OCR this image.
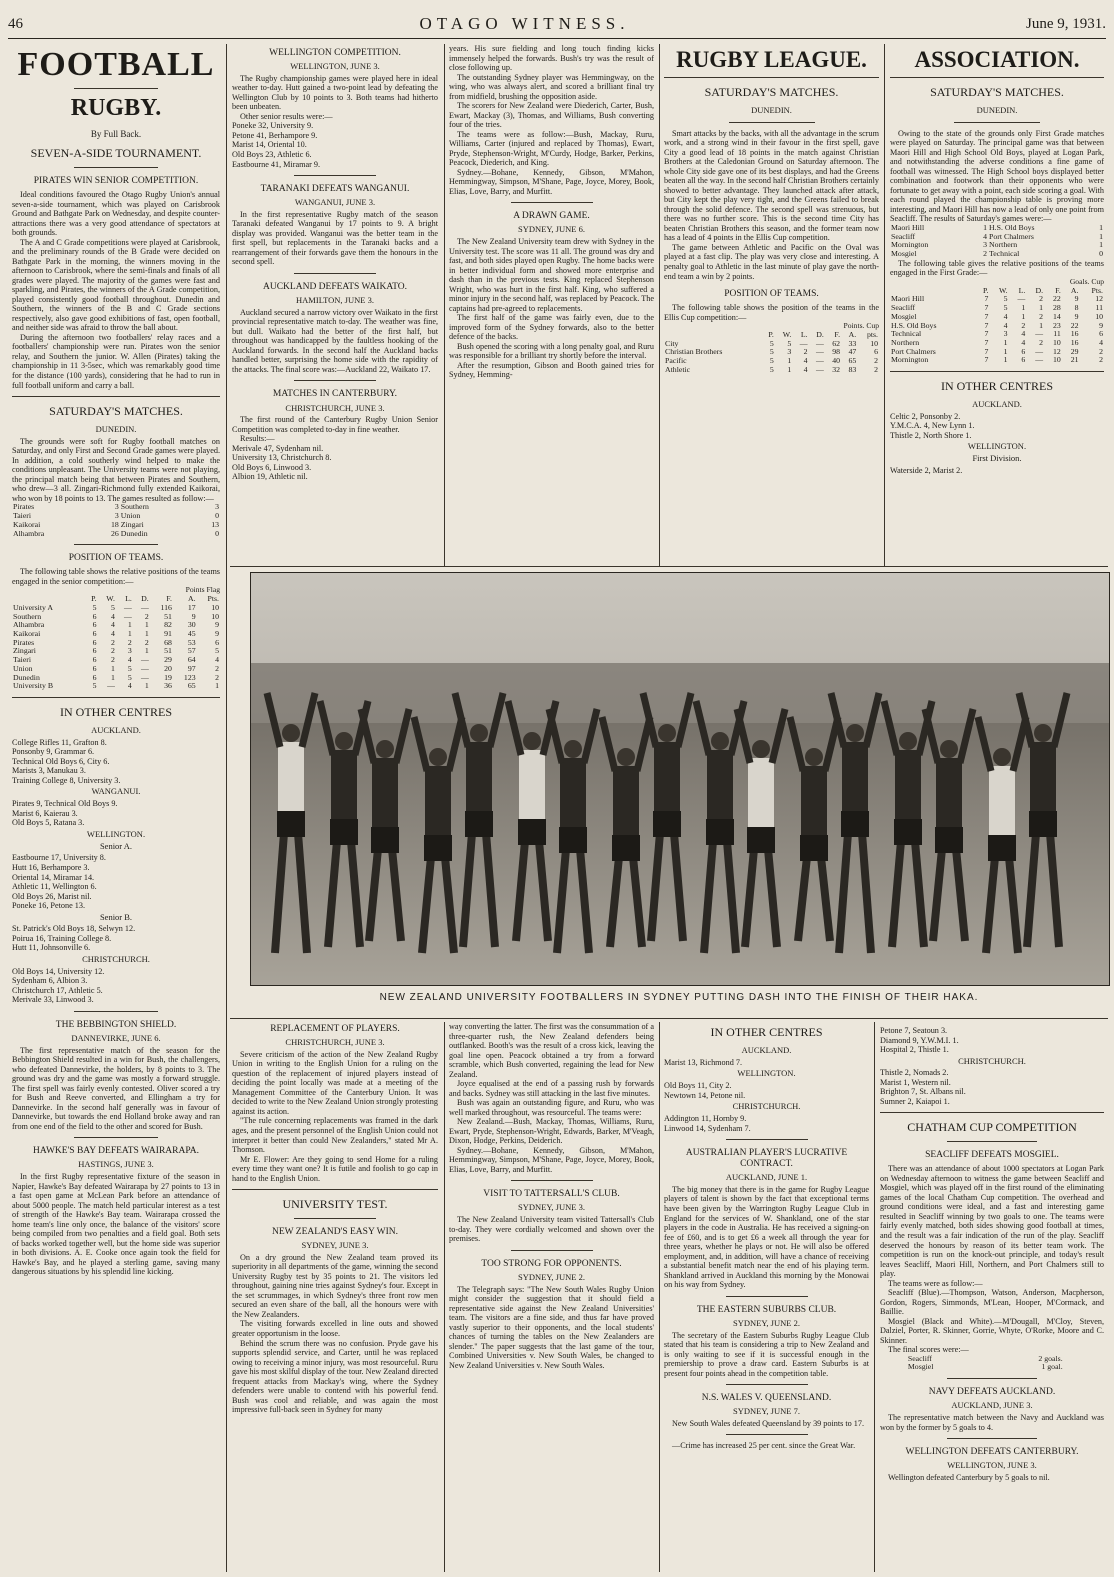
46	OTAGO WITNESS.	June 9, 1931.
FOOTBALL
RUGBY.
By Full Back.
SEVEN-A-SIDE TOURNAMENT.
PIRATES WIN SENIOR COMPETITION.

Ideal conditions favoured the Otago Rugby Union's annual seven-a-side tournament, which was played on Carisbrook Ground and Bathgate Park on Wednesday, and despite counter-attractions there was a very good attendance of spectators at both grounds.

The A and C Grade competitions were played at Carisbrook, and the preliminary rounds of the B Grade were decided on Bathgate Park in the morning, the winners moving in the afternoon to Carisbrook, where the semi-finals and finals of all grades were played. The majority of the games were fast and sparkling, and Pirates, the winners of the A Grade competition, played consistently good football throughout. Dunedin and Southern, the winners of the B and C Grade sections respectively, also gave good exhibitions of fast, open football, and neither side was afraid to throw the ball about.

During the afternoon two footballers' relay races and a footballers' championship were run. Pirates won the senior relay, and Southern the junior. W. Allen (Pirates) taking the championship in 11 3-5sec, which was remarkably good time for the distance (100 yards), considering that he had to run in full football uniform and carry a ball.

SATURDAY'S MATCHES.
DUNEDIN.

The grounds were soft for Rugby football matches on Saturday, and only First and Second Grade games were played. In addition, a cold southerly wind helped to make the conditions unpleasant. The University teams were not playing, the principal match being that between Pirates and Southern, who drew—3 all. Zingari-Richmond fully extended Kaikorai, who won by 18 points to 13. The games resulted as follow:—

Pirates	3	Southern	3
Taieri	3	Union	0
Kaikorai	18	Zingari	13
Alhambra	26	Dunedin	0
POSITION OF TEAMS.

The following table shows the relative positions of the teams engaged in the senior competition:—

Points Flag
	P.	W.	L.	D.	F.	A.	Pts.
University A	5	5	—	—	116	17	10
Southern	6	4	—	2	51	9	10
Alhambra	6	4	1	1	82	30	9
Kaikorai	6	4	1	1	91	45	9
Pirates	6	2	2	2	68	53	6
Zingari	6	2	3	1	51	57	5
Taieri	6	2	4	—	29	64	4
Union	6	1	5	—	20	97	2
Dunedin	6	1	5	—	19	123	2
University B	5	—	4	1	36	65	1
IN OTHER CENTRES
AUCKLAND.
College Rifles 11, Grafton 8.
Ponsonby 9, Grammar 6.
Technical Old Boys 6, City 6.
Marists 3, Manukau 3.
Training College 8, University 3.
WANGANUI.
Pirates 9, Technical Old Boys 9.
Marist 6, Kaierau 3.
Old Boys 5, Ratana 3.
WELLINGTON.
Senior A.
Eastbourne 17, University 8.
Hutt 16, Berhampore 3.
Oriental 14, Miramar 14.
Athletic 11, Wellington 6.
Old Boys 26, Marist nil.
Poneke 16, Petone 13.
Senior B.
St. Patrick's Old Boys 18, Selwyn 12.
Poirua 16, Training College 8.
Hutt 11, Johnsonville 6.
CHRISTCHURCH.
Old Boys 14, University 12.
Sydenham 6, Albion 3.
Christchurch 17, Athletic 5.
Merivale 33, Linwood 3.
THE BEBBINGTON SHIELD.
DANNEVIRKE, JUNE 6.

The first representative match of the season for the Bebbington Shield resulted in a win for Bush, the challengers, who defeated Dannevirke, the holders, by 8 points to 3. The ground was dry and the game was mostly a forward struggle. The first spell was fairly evenly contested. Oliver scored a try for Bush and Reeve converted, and Ellingham a try for Dannevirke. In the second half generally was in favour of Dannevirke, but towards the end Holland broke away and ran from one end of the field to the other and scored for Bush.

HAWKE'S BAY DEFEATS WAIRARAPA.
HASTINGS, JUNE 3.

In the first Rugby representative fixture of the season in Napier, Hawke's Bay defeated Wairarapa by 27 points to 13 in a fast open game at McLean Park before an attendance of about 5000 people. The match held particular interest as a test of strength of the Hawke's Bay team. Wairarapa crossed the home team's line only once, the balance of the visitors' score being compiled from two penalties and a field goal. Both sets of backs worked together well, but the home side was superior in both divisions. A. E. Cooke once again took the field for Hawke's Bay, and he played a sterling game, saving many dangerous situations by his splendid line kicking.

WELLINGTON COMPETITION.
WELLINGTON, JUNE 3.

The Rugby championship games were played here in ideal weather to-day. Hutt gained a two-point lead by defeating the Wellington Club by 10 points to 3. Both teams had hitherto been unbeaten.

Other senior results were:—

Poneke 32, University 9.
Petone 41, Berhampore 9.
Marist 14, Oriental 10.
Old Boys 23, Athletic 6.
Eastbourne 41, Miramar 9.
TARANAKI DEFEATS WANGANUI.
WANGANUI, JUNE 3.

In the first representative Rugby match of the season Taranaki defeated Wanganui by 17 points to 9. A bright display was provided. Wanganui was the better team in the first spell, but replacements in the Taranaki backs and a rearrangement of their forwards gave them the honours in the second spell.

AUCKLAND DEFEATS WAIKATO.
HAMILTON, JUNE 3.

Auckland secured a narrow victory over Waikato in the first provincial representative match to-day. The weather was fine, but dull. Waikato had the better of the first half, but throughout was handicapped by the faultless hooking of the Auckland forwards. In the second half the Auckland backs handled better, surprising the home side with the rapidity of the attacks. The final score was:—Auckland 22, Waikato 17.

MATCHES IN CANTERBURY.
CHRISTCHURCH, JUNE 3.

The first round of the Canterbury Rugby Union Senior Competition was completed to-day in fine weather.

Results:—

Merivale 47, Sydenham nil.
University 13, Christchurch 8.
Old Boys 6, Linwood 3.
Albion 19, Athletic nil.

years. His sure fielding and long touch finding kicks immensely helped the forwards. Bush's try was the result of close following up.

The outstanding Sydney player was Hemmingway, on the wing, who was always alert, and scored a brilliant final try from midfield, brushing the opposition aside.

The scorers for New Zealand were Diederich, Carter, Bush, Ewart, Mackay (3), Thomas, and Williams, Bush converting four of the tries.

The teams were as follow:—Bush, Mackay, Ruru, Williams, Carter (injured and replaced by Thomas), Ewart, Pryde, Stephenson-Wright, M'Curdy, Hodge, Barker, Perkins, Peacock, Diederich, and King.

Sydney.—Bohane, Kennedy, Gibson, M'Mahon, Hemmingway, Simpson, M'Shane, Page, Joyce, Morey, Book, Elias, Love, Barry, and Murfitt.

A DRAWN GAME.
SYDNEY, JUNE 6.

The New Zealand University team drew with Sydney in the University test. The score was 11 all. The ground was dry and fast, and both sides played open Rugby. The home backs were in better individual form and showed more enterprise and dash than in the previous tests. King replaced Stephenson Wright, who was hurt in the first half. King, who suffered a minor injury in the second half, was replaced by Peacock. The captains had pre-agreed to replacements.

The first half of the game was fairly even, due to the improved form of the Sydney forwards, also to the better defence of the backs.

Bush opened the scoring with a long penalty goal, and Ruru was responsible for a brilliant try shortly before the interval.

After the resumption, Gibson and Booth gained tries for Sydney, Hemming-

RUGBY LEAGUE.
SATURDAY'S MATCHES.
DUNEDIN.

Smart attacks by the backs, with all the advantage in the scrum work, and a strong wind in their favour in the first spell, gave City a good lead of 18 points in the match against Christian Brothers at the Caledonian Ground on Saturday afternoon. The whole City side gave one of its best displays, and had the Greens beaten all the way. In the second half Christian Brothers certainly showed to better advantage. They launched attack after attack, but City kept the play very tight, and the Greens failed to break through the solid defence. The second spell was strenuous, but there was no further score. This is the second time City has beaten Christian Brothers this season, and the former team now has a lead of 4 points in the Ellis Cup competition.

The game between Athletic and Pacific on the Oval was played at a fast clip. The play was very close and interesting. A penalty goal to Athletic in the last minute of play gave the north-end team a win by 2 points.

POSITION OF TEAMS.

The following table shows the position of the teams in the Ellis Cup competition:—

Points. Cup
	P.	W.	L.	D.	F.	A.	pts.
City	5	5	—	—	62	33	10
Christian Brothers	5	3	2	—	98	47	6
Pacific	5	1	4	—	40	65	2
Athletic	5	1	4	—	32	83	2
ASSOCIATION.
SATURDAY'S MATCHES.
DUNEDIN.

Owing to the state of the grounds only First Grade matches were played on Saturday. The principal game was that between Maori Hill and High School Old Boys, played at Logan Park, and notwithstanding the adverse conditions a fine game of football was witnessed. The High School boys displayed better combination and footwork than their opponents who were fortunate to get away with a point, each side scoring a goal. With each round played the championship table is proving more interesting, and Maori Hill has now a lead of only one point from Seacliff. The results of Saturday's games were:—

Maori Hill	1	H.S. Old Boys	1
Seacliff	4	Port Chalmers	1
Mornington	3	Northern	1
Mosgiel	2	Technical	0

The following table gives the relative positions of the teams engaged in the First Grade:—

Goals. Cup
	P.	W.	L.	D.	F.	A.	Pts.
Maori Hill	7	5	—	2	22	9	12
Seacliff	7	5	1	1	28	8	11
Mosgiel	7	4	1	2	14	9	10
H.S. Old Boys	7	4	2	1	23	22	9
Technical	7	3	4	—	11	16	6
Northern	7	1	4	2	10	16	4
Port Chalmers	7	1	6	—	12	29	2
Mornington	7	1	6	—	10	21	2
IN OTHER CENTRES
AUCKLAND.
Celtic 2, Ponsonby 2.
Y.M.C.A. 4, New Lynn 1.
Thistle 2, North Shore 1.
WELLINGTON.
First Division.
Waterside 2, Marist 2.
NEW ZEALAND UNIVERSITY FOOTBALLERS IN SYDNEY PUTTING DASH INTO THE FINISH OF THEIR HAKA.
REPLACEMENT OF PLAYERS.
CHRISTCHURCH, JUNE 3.

Severe criticism of the action of the New Zealand Rugby Union in writing to the English Union for a ruling on the question of the replacement of injured players instead of deciding the point locally was made at a meeting of the Management Committee of the Canterbury Union. It was decided to write to the New Zealand Union strongly protesting against its action.

"The rule concerning replacements was framed in the dark ages, and the present personnel of the English Union could not interpret it better than could New Zealanders," stated Mr A. Thomson.

Mr E. Flower: Are they going to send Home for a ruling every time they want one? It is futile and foolish to go cap in hand to the English Union.

UNIVERSITY TEST.
NEW ZEALAND'S EASY WIN.
SYDNEY, JUNE 3.

On a dry ground the New Zealand team proved its superiority in all departments of the game, winning the second University Rugby test by 35 points to 21. The visitors led throughout, gaining nine tries against Sydney's four. Except in the set scrummages, in which Sydney's three front row men secured an even share of the ball, all the honours were with the New Zealanders.

The visiting forwards excelled in line outs and showed greater opportunism in the loose.

Behind the scrum there was no confusion. Pryde gave his supports splendid service, and Carter, until he was replaced owing to receiving a minor injury, was most resourceful. Ruru gave his most skilful display of the tour. New Zealand directed frequent attacks from Mackay's wing, where the Sydney defenders were unable to contend with his powerful fend. Bush was cool and reliable, and was again the most impressive full-back seen in Sydney for many

way converting the latter. The first was the consummation of a three-quarter rush, the New Zealand defenders being outflanked. Booth's was the result of a cross kick, leaving the goal line open. Peacock obtained a try from a forward scramble, which Bush converted, regaining the lead for New Zealand.

Joyce equalised at the end of a passing rush by forwards and backs. Sydney was still attacking in the last five minutes.

Bush was again an outstanding figure, and Ruru, who was well marked throughout, was resourceful. The teams were:

New Zealand.—Bush, Mackay, Thomas, Williams, Ruru, Ewart, Pryde, Stephenson-Wright, Edwards, Barker, M'Veagh, Dixon, Hodge, Perkins, Deiderich.

Sydney.—Bohane, Kennedy, Gibson, M'Mahon, Hemmingway, Simpson, M'Shane, Page, Joyce, Morey, Book, Elias, Love, Barry, and Murfitt.

VISIT TO TATTERSALL'S CLUB.
SYDNEY, JUNE 3.

The New Zealand University team visited Tattersall's Club to-day. They were cordially welcomed and shown over the premises.

TOO STRONG FOR OPPONENTS.
SYDNEY, JUNE 2.

The Telegraph says: "The New South Wales Rugby Union might consider the suggestion that it should field a representative side against the New Zealand Universities' team. The visitors are a fine side, and thus far have proved vastly superior to their opponents, and the local students' chances of turning the tables on the New Zealanders are slender." The paper suggests that the last game of the tour, Combined Universities v. New South Wales, be changed to New Zealand Universities v. New South Wales.

IN OTHER CENTRES
AUCKLAND.
Marist 13, Richmond 7.
WELLINGTON.
Old Boys 11, City 2.
Newtown 14, Petone nil.
CHRISTCHURCH.
Addington 11, Hornby 9.
Linwood 14, Sydenham 7.
AUSTRALIAN PLAYER'S LUCRATIVE CONTRACT.
AUCKLAND, JUNE 1.

The big money that there is in the game for Rugby League players of talent is shown by the fact that exceptional terms have been given by the Warrington Rugby League Club in England for the services of W. Shankland, one of the star players in the code in Australia. He has received a signing-on fee of £60, and is to get £6 a week all through the year for three years, whether he plays or not. He will also be offered employment, and, in addition, will have a chance of receiving a substantial benefit match near the end of his playing term. Shankland arrived in Auckland this morning by the Monowai on his way from Sydney.

THE EASTERN SUBURBS CLUB.
SYDNEY, JUNE 2.

The secretary of the Eastern Suburbs Rugby League Club stated that his team is considering a trip to New Zealand and is only waiting to see if it is successful enough in the premiership to prove a draw card. Eastern Suburbs is at present four points ahead in the competition table.

N.S. WALES V. QUEENSLAND.
SYDNEY, JUNE 7.

New South Wales defeated Queensland by 39 points to 17.

—Crime has increased 25 per cent. since the Great War.

Petone 7, Seatoun 3.
Diamond 9, Y.W.M.I. 1.
Hospital 2, Thistle 1.
CHRISTCHURCH.
Thistle 2, Nomads 2.
Marist 1, Western nil.
Brighton 7, St. Albans nil.
Sumner 2, Kaiapoi 1.
CHATHAM CUP COMPETITION
SEACLIFF DEFEATS MOSGIEL.

There was an attendance of about 1000 spectators at Logan Park on Wednesday afternoon to witness the game between Seacliff and Mosgiel, which was played off in the first round of the eliminating games of the local Chatham Cup competition. The overhead and ground conditions were ideal, and a fast and interesting game resulted in Seacliff winning by two goals to one. The teams were fairly evenly matched, both sides showing good football at times, and the result was a fair indication of the run of the play. Seacliff deserved the honours by reason of its better team work. The competition is run on the knock-out principle, and today's result leaves Seacliff, Maori Hill, Northern, and Port Chalmers still to play.

The teams were as follow:—

Seacliff (Blue).—Thompson, Watson, Anderson, Macpherson, Gordon, Rogers, Simmonds, M'Lean, Hooper, M'Cormack, and Baillie.

Mosgiel (Black and White).—M'Dougall, M'Cloy, Steven, Dalziel, Porter, R. Skinner, Gorrie, Whyte, O'Rorke, Moore and C. Skinner.

The final scores were:—

Seacliff	2 goals.
Mosgiel	1 goal.
NAVY DEFEATS AUCKLAND.
AUCKLAND, JUNE 3.

The representative match between the Navy and Auckland was won by the former by 5 goals to 4.

WELLINGTON DEFEATS CANTERBURY.
WELLINGTON, JUNE 3.

Wellington defeated Canterbury by 5 goals to nil.
